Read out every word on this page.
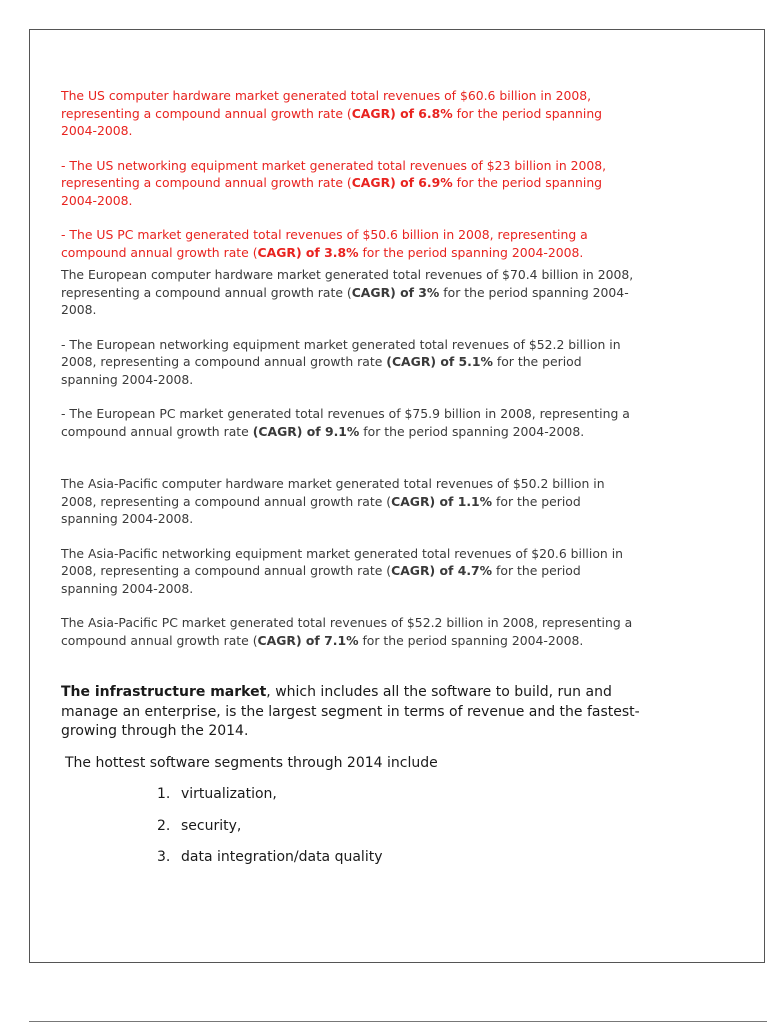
The US computer hardware market generated total revenues of $60.6 billion in 2008,
representing a compound annual growth rate (CAGR) of 6.8% for the period spanning
2004-2008.

- The US networking equipment market generated total revenues of $23 billion in 2008,
representing a compound annual growth rate (CAGR) of 6.9% for the period spanning
2004-2008.

- The US PC market generated total revenues of $50.6 billion in 2008, representing a
compound annual growth rate (CAGR) of 3.8% for the period spanning 2004-2008.

The European computer hardware market generated total revenues of $70.4 billion in 2008,
representing a compound annual growth rate (CAGR) of 3% for the period spanning 2004-
2008.

- The European networking equipment market generated total revenues of $52.2 billion in
2008, representing a compound annual growth rate (CAGR) of 5.1% for the period
spanning 2004-2008.

- The European PC market generated total revenues of $75.9 billion in 2008, representing a
compound annual growth rate (CAGR) of 9.1% for the period spanning 2004-2008.

The Asia-Pacific computer hardware market generated total revenues of $50.2 billion in
2008, representing a compound annual growth rate (CAGR) of 1.1% for the period
spanning 2004-2008.

The Asia-Pacific networking equipment market generated total revenues of $20.6 billion in
2008, representing a compound annual growth rate (CAGR) of 4.7% for the period
spanning 2004-2008.

The Asia-Pacific PC market generated total revenues of $52.2 billion in 2008, representing a
compound annual growth rate (CAGR) of 7.1% for the period spanning 2004-2008.

The infrastructure market, which includes all the software to build, run and
manage an enterprise, is the largest segment in terms of revenue and the fastest-
growing through the 2014.

The hottest software segments through 2014 include

1. virtualization,
2. security,
3. data integration/data quality
